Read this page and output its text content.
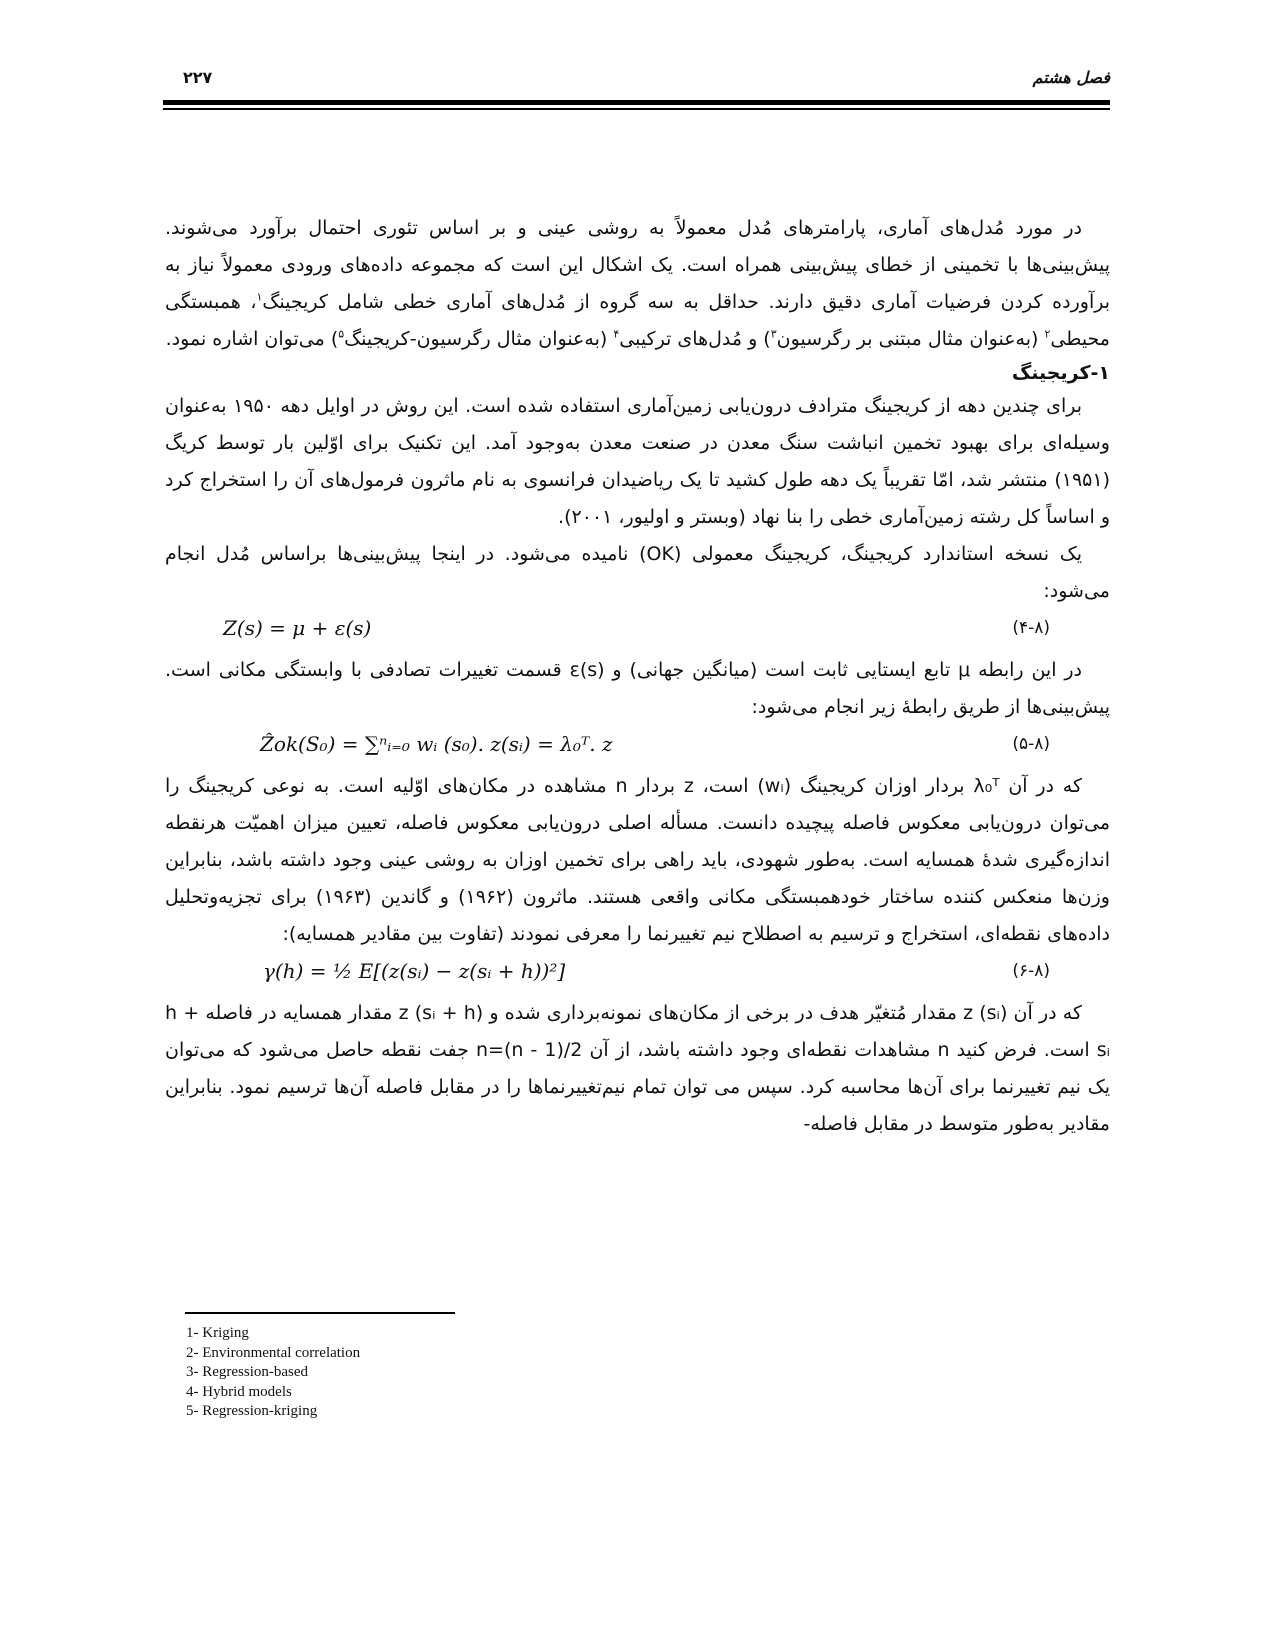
فصل هشتم
۲۲۷

در مورد مُدل‌های آماری، پارامترهای مُدل معمولاً به روشی عینی و بر اساس تئوری احتمال برآورد می‌شوند. پیش‌بینی‌ها با تخمینی از خطای پیش‌بینی همراه است. یک اشکال این است که مجموعه داده‌های ورودی معمولاً نیاز به برآورده کردن فرضیات آماری دقیق دارند. حداقل به سه گروه از مُدل‌های آماری خطی شامل کریجینگ$^۱$، همبستگی محیطی$^۲$ (به‌عنوان مثال مبتنی بر رگرسیون$^۳$) و مُدل‌های ترکیبی$^۴$ (به‌عنوان مثال رگرسیون-کریجینگ$^۵$) می‌توان اشاره نمود.

۱-کریجینگ

برای چندین دهه از کریجینگ مترادف درون‌یابی زمین‌آماری استفاده شده است. این روش در اوایل دهه ۱۹۵۰ به‌عنوان وسیله‌ای برای بهبود تخمین انباشت سنگ معدن در صنعت معدن به‌وجود آمد. این تکنیک برای اوّلین بار توسط کریگ (۱۹۵۱) منتشر شد، امّا تقریباً یک دهه طول کشید تا یک ریاضیدان فرانسوی به نام ماثرون فرمول‌های آن را استخراج کرد و اساساً کل رشته زمین‌آماری خطی را بنا نهاد (وبستر و اولیور، ۲۰۰۱).

یک نسخه استاندارد کریجینگ، کریجینگ معمولی (OK) نامیده می‌شود. در اینجا پیش‌بینی‌ها براساس مُدل انجام می‌شود:

Z(s) = μ + ε(s)	(۴-۸)

در این رابطه μ تابع ایستایی ثابت است (میانگین جهانی) و ε(s) قسمت تغییرات تصادفی با وابستگی مکانی است. پیش‌بینی‌ها از طریق رابطۀ زیر انجام می‌شود:

Ẑok(S₀) = ∑ⁿᵢ₌₀ wᵢ (s₀). z(sᵢ) = λ₀ᵀ. z	(۵-۸)

که در آن λ₀ᵀ بردار اوزان کریجینگ (wᵢ) است، z بردار n مشاهده در مکان‌های اوّلیه است. به نوعی کریجینگ را می‌توان درون‌یابی معکوس فاصله پیچیده دانست. مسأله اصلی درون‌یابی معکوس فاصله، تعیین میزان اهمیّت هرنقطه اندازه‌گیری شدۀ همسایه است. به‌طور شهودی، باید راهی برای تخمین اوزان به روشی عینی وجود داشته باشد، بنابراین وزن‌ها منعکس کننده ساختار خودهمبستگی مکانی واقعی هستند. ماثرون (۱۹۶۲) و گاندین (۱۹۶۳) برای تجزیه‌وتحلیل داده‌های نقطه‌ای، استخراج و ترسیم به اصطلاح نیم تغییرنما را معرفی نمودند (تفاوت بین مقادیر همسایه):

γ(h) = ½ E[(z(sᵢ) − z(sᵢ + h))²]	(۶-۸)

که در آن z (sᵢ) مقدار مُتغیّر هدف در برخی از مکان‌های نمونه‌برداری شده و z (sᵢ + h) مقدار همسایه در فاصله h + sᵢ است. فرض کنید n مشاهدات نقطه‌ای وجود داشته باشد، از آن n=(n - 1)/2 جفت نقطه حاصل می‌شود که می‌توان یک نیم تغییرنما برای آن‌ها محاسبه کرد. سپس می توان تمام نیم‌تغییرنماها را در مقابل فاصله آن‌ها ترسیم نمود. بنابراین مقادیر به‌طور متوسط در مقابل فاصله-

1- Kriging
2- Environmental correlation
3- Regression-based
4- Hybrid models
5- Regression-kriging
